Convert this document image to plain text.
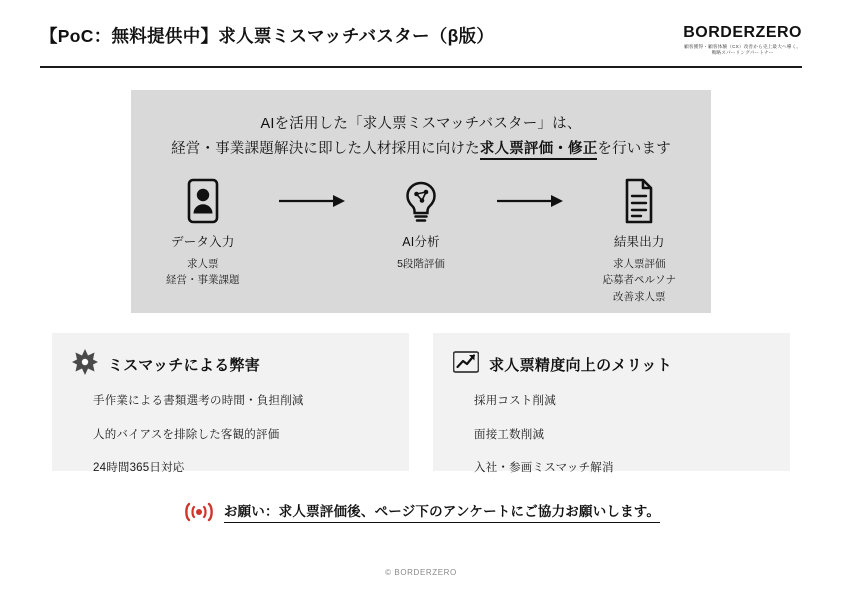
【PoC：無料提供中】求人票ミスマッチバスター（β版）	BORDERZERO
顧客獲得・顧客体験（CX）改善から売上最大へ導く。
戦略スパーリングパートナー
AIを活用した「求人票ミスマッチバスター」は、
経営・事業課題解決に即した人材採用に向けた求人票評価・修正を行います
データ入力
求人票
経営・事業課題
AI分析
5段階評価
結果出力
求人票評価
応募者ペルソナ
改善求人票
ミスマッチによる弊害
手作業による書類選考の時間・負担削減
人的バイアスを排除した客観的評価
24時間365日対応
求人票精度向上のメリット
採用コスト削減
面接工数削減
入社・参画ミスマッチ解消
お願い：求人票評価後、ページ下のアンケートにご協力お願いします。
© BORDERZERO
